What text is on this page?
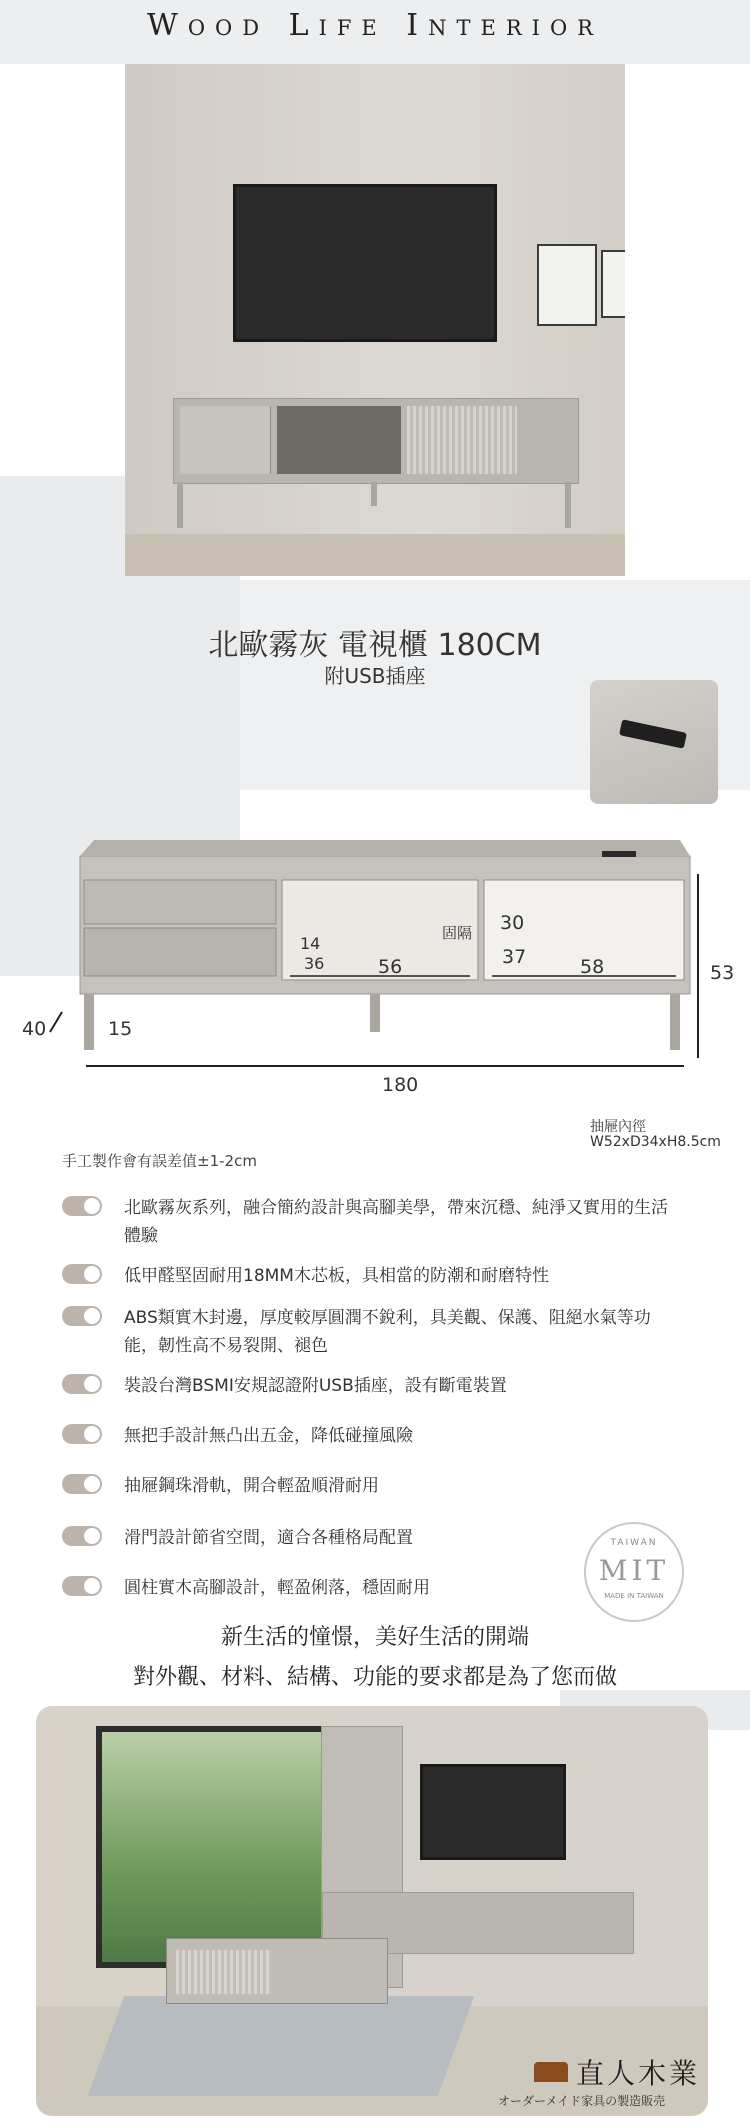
Wood Life Interior
北歐霧灰 電視櫃 180CM
附USB插座
固隔
14
36	56
30
37	58
40	15
180
53
抽屜內徑
W52xD34xH8.5cm
手工製作會有誤差值±1-2cm
北歐霧灰系列，融合簡約設計與高腳美學，帶來沉穩、純淨又實用的生活體驗
低甲醛堅固耐用18MM木芯板，具相當的防潮和耐磨特性
ABS類實木封邊，厚度較厚圓潤不銳利，具美觀、保護、阻絕水氣等功能，韌性高不易裂開、褪色
裝設台灣BSMI安規認證附USB插座，設有斷電裝置
無把手設計無凸出五金，降低碰撞風險
抽屜鋼珠滑軌，開合輕盈順滑耐用
滑門設計節省空間，適合各種格局配置
圓柱實木高腳設計，輕盈俐落，穩固耐用
TAIWAN
MIT
MADE IN TAIWAN
新生活的憧憬，美好生活的開端
對外觀、材料、結構、功能的要求都是為了您而做
直人木業
オーダーメイド家具の製造販売
